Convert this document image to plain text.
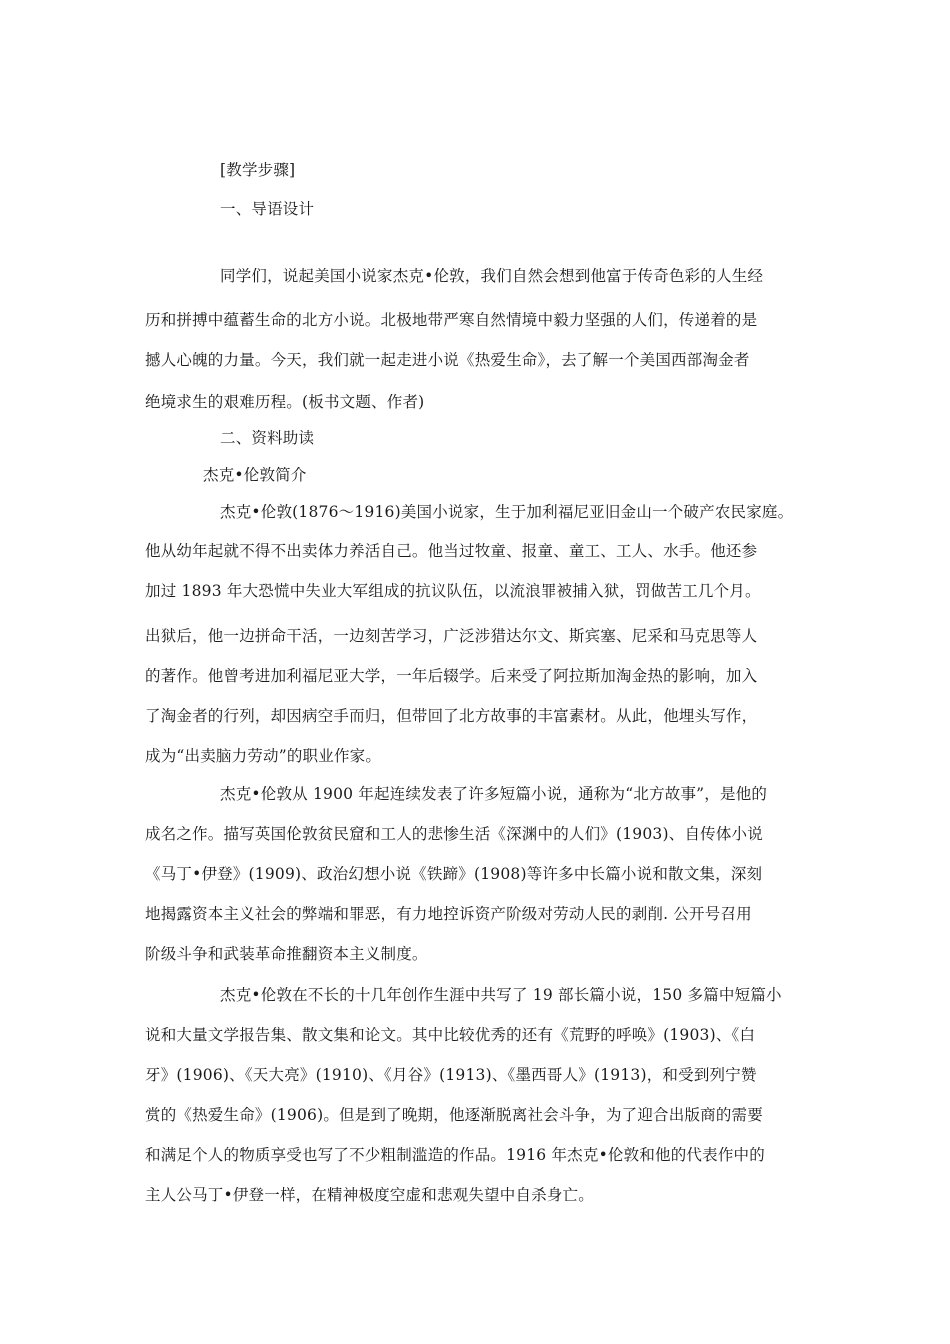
[教学步骤]
一、导语设计
同学们，说起美国小说家杰克•伦敦，我们自然会想到他富于传奇色彩的人生经
历和拼搏中蕴蓄生命的北方小说。北极地带严寒自然情境中毅力坚强的人们，传递着的是
撼人心魄的力量。今天，我们就一起走进小说《热爱生命》，去了解一个美国西部淘金者
绝境求生的艰难历程。(板书文题、作者)
二、资料助读
杰克•伦敦简介
杰克•伦敦(1876～1916)美国小说家，生于加利福尼亚旧金山一个破产农民家庭。
他从幼年起就不得不出卖体力养活自己。他当过牧童、报童、童工、工人、水手。他还参
加过 1893 年大恐慌中失业大军组成的抗议队伍，以流浪罪被捕入狱，罚做苦工几个月。
出狱后，他一边拼命干活，一边刻苦学习，广泛涉猎达尔文、斯宾塞、尼采和马克思等人
的著作。他曾考进加利福尼亚大学，一年后辍学。后来受了阿拉斯加淘金热的影响，加入
了淘金者的行列，却因病空手而归，但带回了北方故事的丰富素材。从此，他埋头写作，
成为“出卖脑力劳动”的职业作家。
杰克•伦敦从 1900 年起连续发表了许多短篇小说，通称为“北方故事”，是他的
成名之作。描写英国伦敦贫民窟和工人的悲惨生活《深渊中的人们》(1903)、自传体小说
《马丁•伊登》(1909)、政治幻想小说《铁蹄》(1908)等许多中长篇小说和散文集，深刻
地揭露资本主义社会的弊端和罪恶，有力地控诉资产阶级对劳动人民的剥削. 公开号召用
阶级斗争和武装革命推翻资本主义制度。
杰克•伦敦在不长的十几年创作生涯中共写了 19 部长篇小说，150 多篇中短篇小
说和大量文学报告集、散文集和论文。其中比较优秀的还有《荒野的呼唤》(1903)、《白
牙》(1906)、《天大亮》(1910)、《月谷》(1913)、《墨西哥人》(1913)，和受到列宁赞
赏的《热爱生命》(1906)。但是到了晚期，他逐渐脱离社会斗争，为了迎合出版商的需要
和满足个人的物质享受也写了不少粗制滥造的作品。1916 年杰克•伦敦和他的代表作中的
主人公马丁•伊登一样，在精神极度空虚和悲观失望中自杀身亡。
